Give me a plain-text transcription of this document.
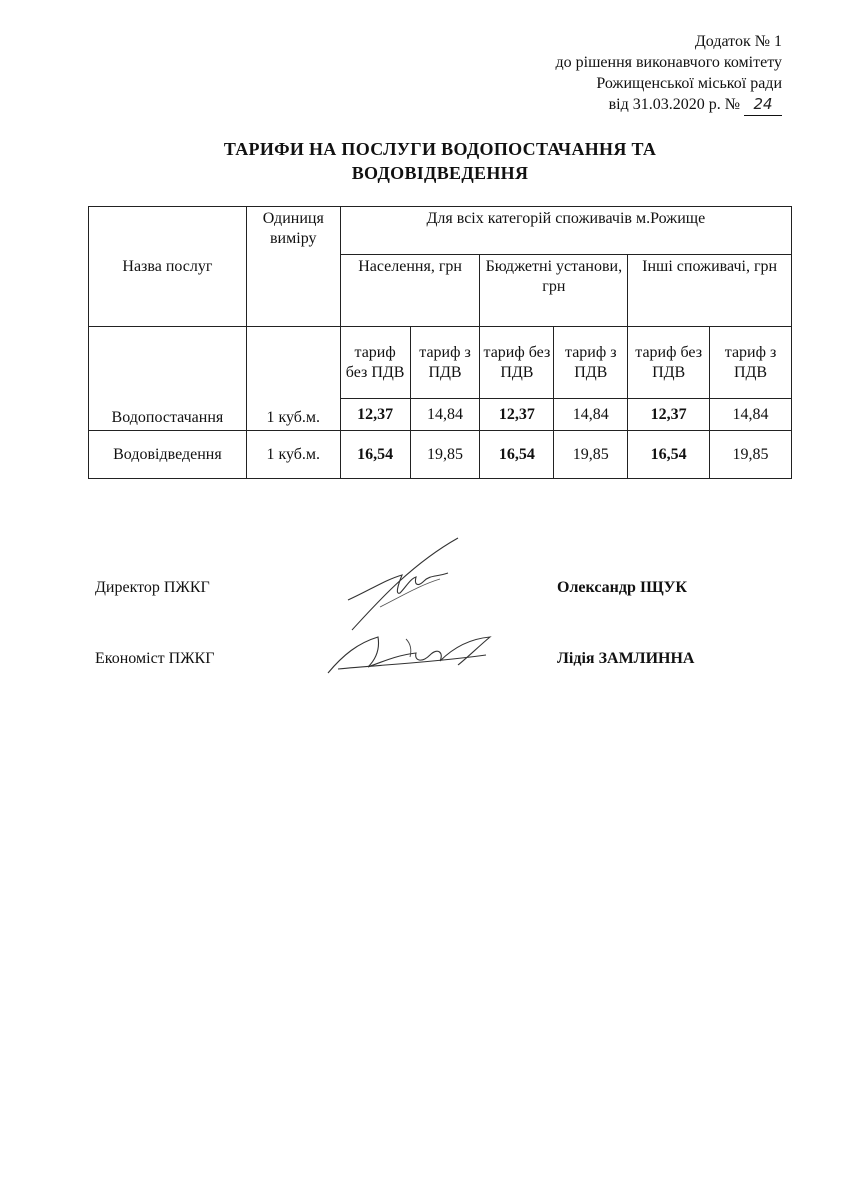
Додаток № 1
до рішення виконавчого комітету
Рожищенської міської ради
від 31.03.2020 р. № 24
ТАРИФИ НА ПОСЛУГИ ВОДОПОСТАЧАННЯ ТА
ВОДОВІДВЕДЕННЯ
Назва послуг	Одиниця виміру	Для всіх категорій споживачів м.Рожище					
		Населення, грн		Бюджетні установи, грн		Інші споживачі, грн	
Водопостачання	1 куб.м.	тариф без ПДВ	тариф з ПДВ	тариф без ПДВ	тариф з ПДВ	тариф без ПДВ	тариф з ПДВ
		12,37	14,84	12,37	14,84	12,37	14,84
Водовідведення	1 куб.м.	16,54	19,85	16,54	19,85	16,54	19,85
Директор ПЖКГ	Олександр ІЩУК
Економіст ПЖКГ	Лідія ЗАМЛИННА
